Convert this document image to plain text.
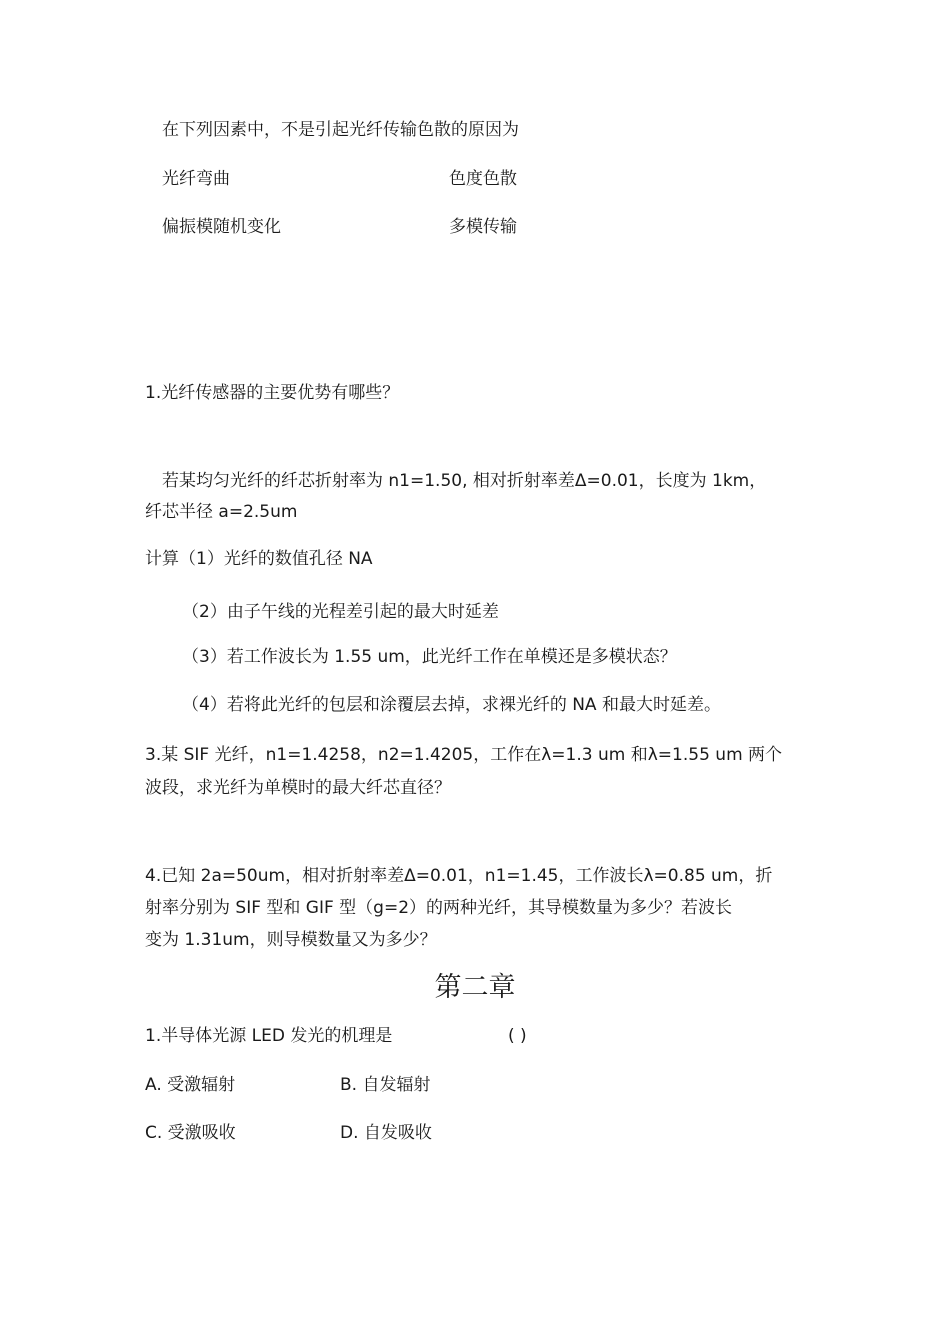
在下列因素中，不是引起光纤传输色散的原因为
光纤弯曲	色度色散
偏振模随机变化	多模传输
1.光纤传感器的主要优势有哪些？
若某均匀光纤的纤芯折射率为 n1=1.50, 相对折射率差Δ=0.01，长度为 1km，
纤芯半径 a=2.5um
计算（1）光纤的数值孔径 NA
（2）由子午线的光程差引起的最大时延差
（3）若工作波长为 1.55 um，此光纤工作在单模还是多模状态？
（4）若将此光纤的包层和涂覆层去掉，求裸光纤的 NA 和最大时延差。
3.某 SIF 光纤，n1=1.4258，n2=1.4205，工作在λ=1.3 um 和λ=1.55 um 两个
波段，求光纤为单模时的最大纤芯直径？
4.已知 2a=50um，相对折射率差Δ=0.01，n1=1.45，工作波长λ=0.85 um，折
射率分别为 SIF 型和 GIF 型（g=2）的两种光纤，其导模数量为多少？若波长
变为 1.31um，则导模数量又为多少？
第二章
1.半导体光源 LED 发光的机理是	( )
A. 受激辐射	B. 自发辐射
C. 受激吸收	D. 自发吸收
